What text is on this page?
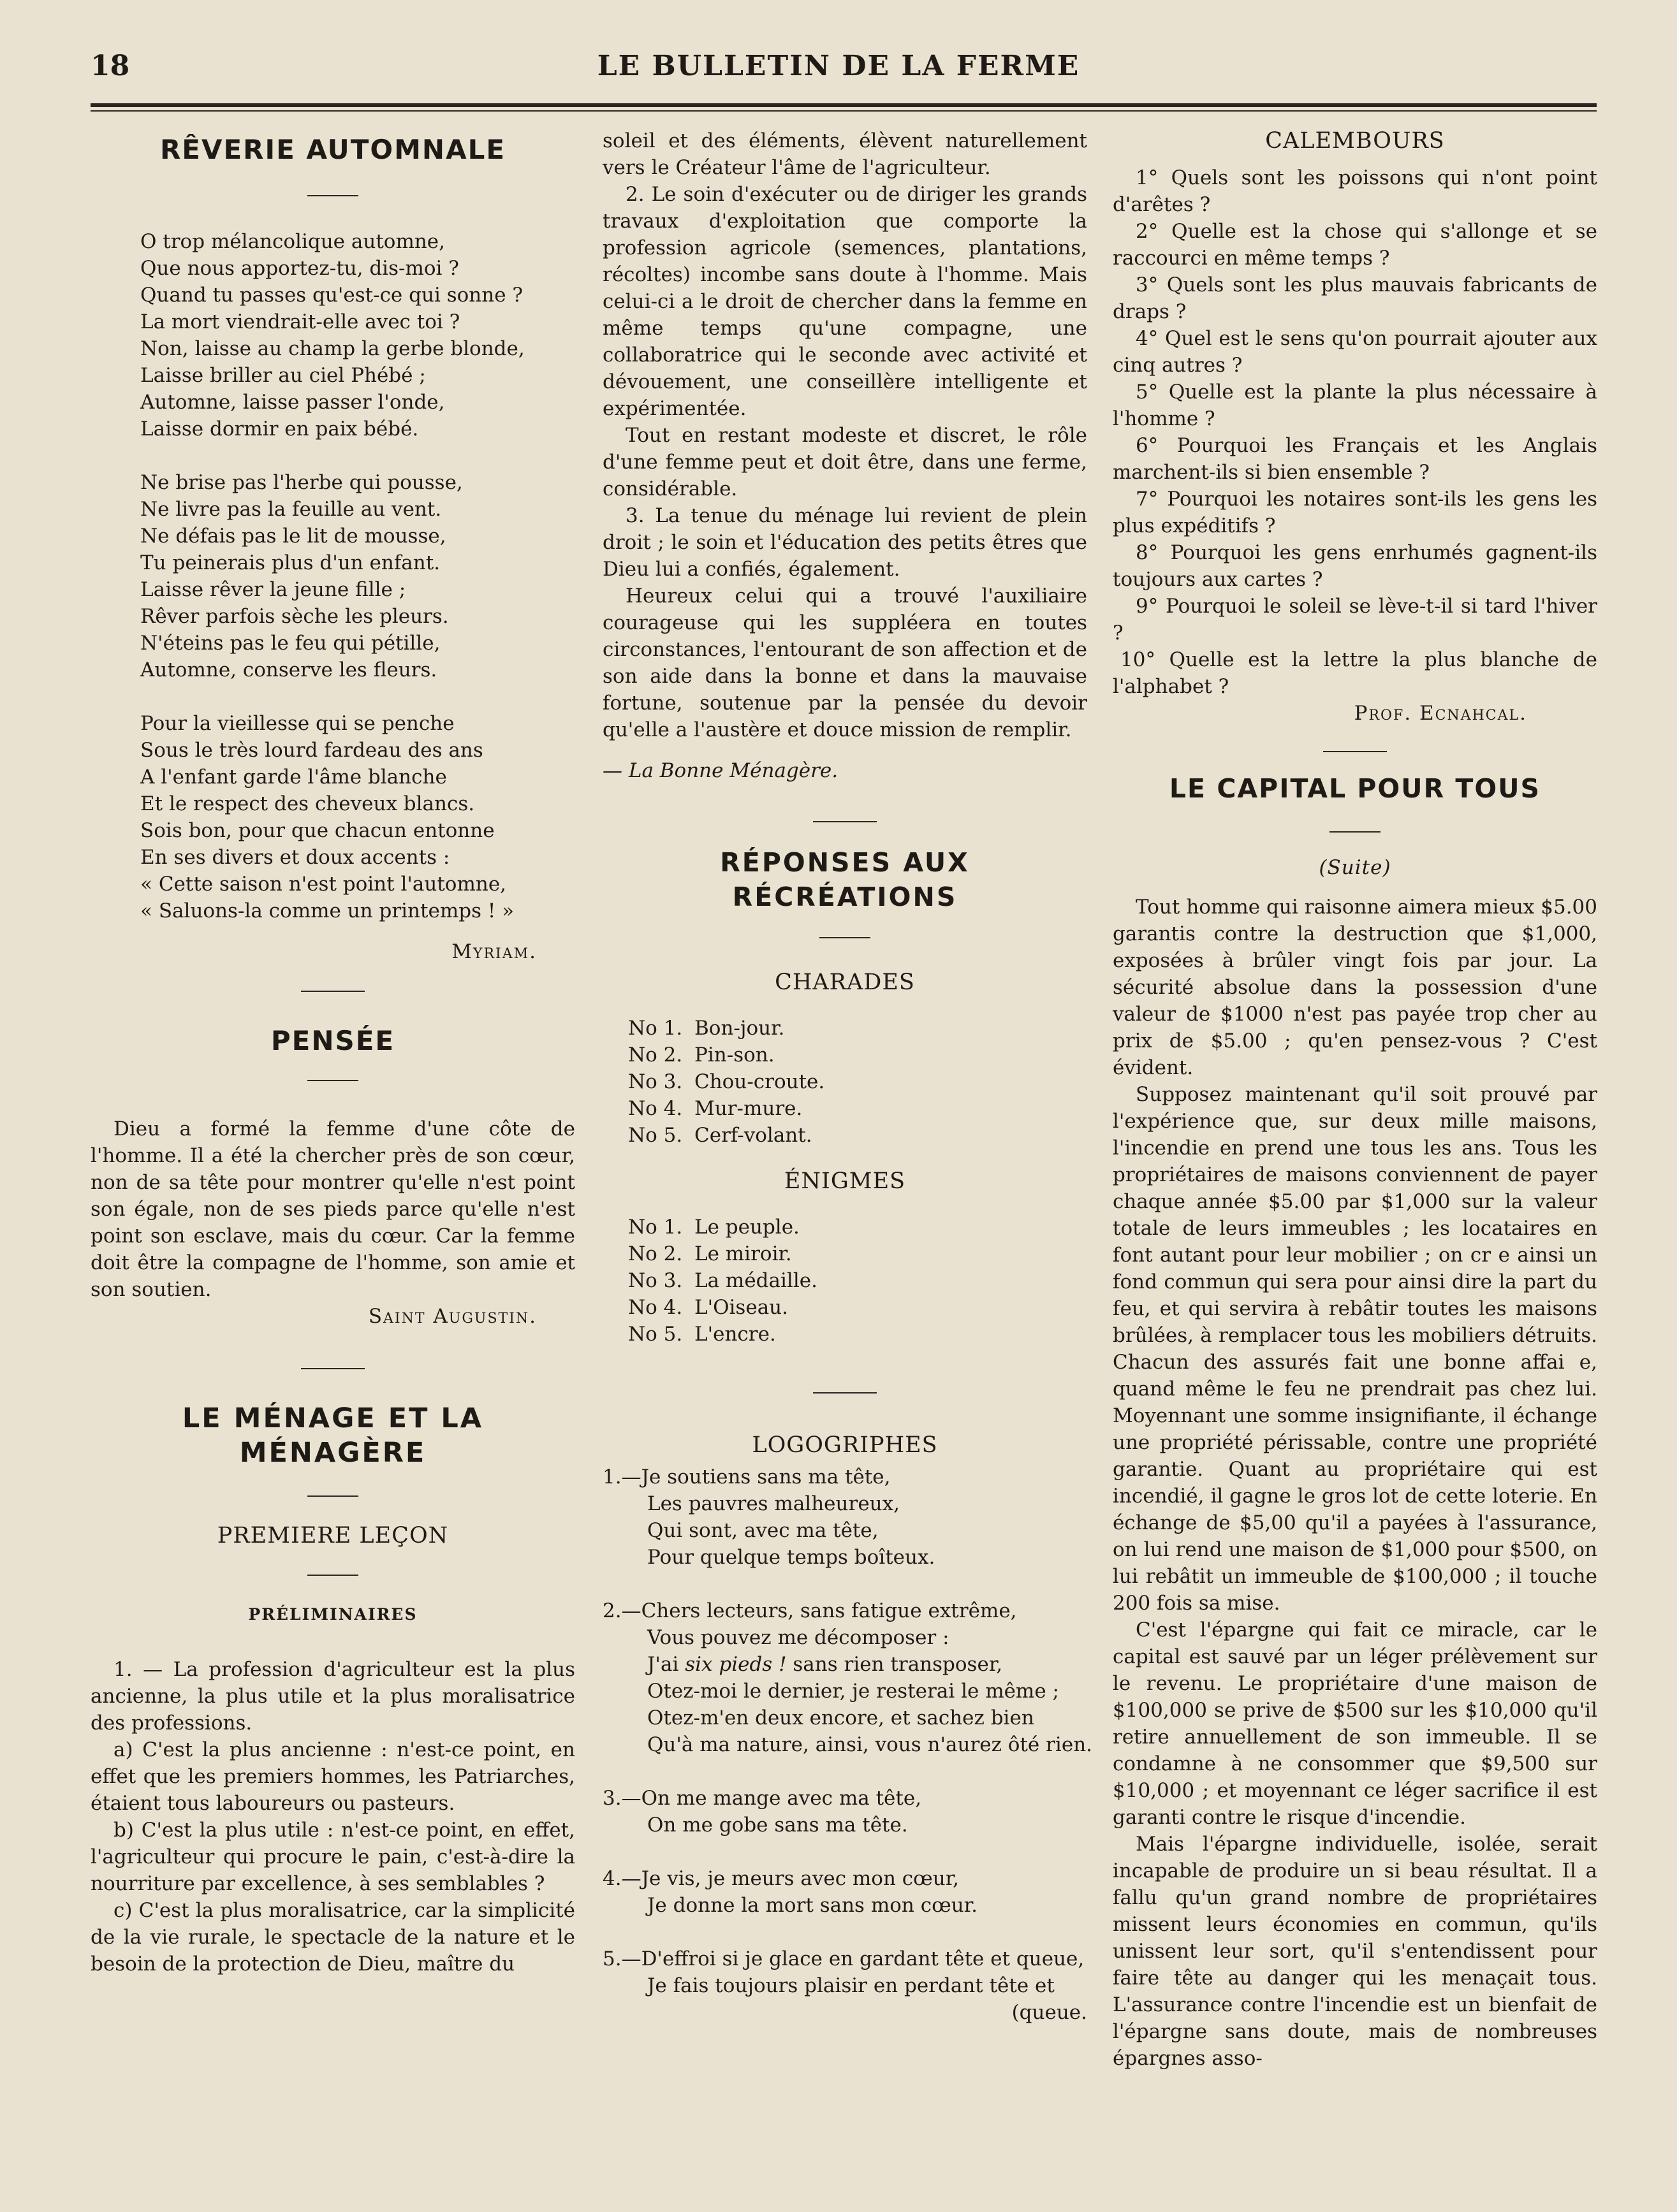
18	LE BULLETIN DE LA FERME
RÊVERIE AUTOMNALE
O trop mélancolique automne,
Que nous apportez-tu, dis-moi ?
Quand tu passes qu'est-ce qui sonne ?
La mort viendrait-elle avec toi ?
Non, laisse au champ la gerbe blonde,
Laisse briller au ciel Phébé ;
Automne, laisse passer l'onde,
Laisse dormir en paix bébé.
Ne brise pas l'herbe qui pousse,
Ne livre pas la feuille au vent.
Ne défais pas le lit de mousse,
Tu peinerais plus d'un enfant.
Laisse rêver la jeune fille ;
Rêver parfois sèche les pleurs.
N'éteins pas le feu qui pétille,
Automne, conserve les fleurs.
Pour la vieillesse qui se penche
Sous le très lourd fardeau des ans
A l'enfant garde l'âme blanche
Et le respect des cheveux blancs.
Sois bon, pour que chacun entonne
En ses divers et doux accents :
« Cette saison n'est point l'automne,
« Saluons-la comme un printemps ! »
Myriam.
PENSÉE

Dieu a formé la femme d'une côte de l'homme. Il a été la chercher près de son cœur, non de sa tête pour montrer qu'elle n'est point son égale, non de ses pieds parce qu'elle n'est point son esclave, mais du cœur. Car la femme doit être la compagne de l'homme, son amie et son soutien.

Saint Augustin.
LE MÉNAGE ET LA MÉNAGÈRE
PREMIERE LEÇON
PRÉLIMINAIRES

1. — La profession d'agriculteur est la plus ancienne, la plus utile et la plus moralisatrice des professions.

a) C'est la plus ancienne : n'est-ce point, en effet que les premiers hommes, les Patriarches, étaient tous laboureurs ou pasteurs.

b) C'est la plus utile : n'est-ce point, en effet, l'agriculteur qui procure le pain, c'est-à-dire la nourriture par excellence, à ses semblables ?

c) C'est la plus moralisatrice, car la simplicité de la vie rurale, le spectacle de la nature et le besoin de la protection de Dieu, maître du

soleil et des éléments, élèvent naturellement vers le Créateur l'âme de l'agriculteur.

2. Le soin d'exécuter ou de diriger les grands travaux d'exploitation que comporte la profession agricole (semences, plantations, récoltes) incombe sans doute à l'homme. Mais celui-ci a le droit de chercher dans la femme en même temps qu'une compagne, une collaboratrice qui le seconde avec activité et dévouement, une conseillère intelligente et expérimentée.

Tout en restant modeste et discret, le rôle d'une femme peut et doit être, dans une ferme, considérable.

3. La tenue du ménage lui revient de plein droit ; le soin et l'éducation des petits êtres que Dieu lui a confiés, également.

Heureux celui qui a trouvé l'auxiliaire courageuse qui les suppléera en toutes circonstances, l'entourant de son affection et de son aide dans la bonne et dans la mauvaise fortune, soutenue par la pensée du devoir qu'elle a l'austère et douce mission de remplir.

— La Bonne Ménagère.
RÉPONSES AUX RÉCRÉATIONS
CHARADES
No 1. Bon-jour.
No 2. Pin-son.
No 3. Chou-croute.
No 4. Mur-mure.
No 5. Cerf-volant.
ÉNIGMES
No 1. Le peuple.
No 2. Le miroir.
No 3. La médaille.
No 4. L'Oiseau.
No 5. L'encre.
LOGOGRIPHES
1.—Je soutiens sans ma tête,
Les pauvres malheureux,
Qui sont, avec ma tête,
Pour quelque temps boîteux.
2.—Chers lecteurs, sans fatigue extrême,
Vous pouvez me décomposer :
J'ai six pieds ! sans rien transposer,
Otez-moi le dernier, je resterai le même ;
Otez-m'en deux encore, et sachez bien
Qu'à ma nature, ainsi, vous n'aurez ôté rien.
3.—On me mange avec ma tête,
On me gobe sans ma tête.
4.—Je vis, je meurs avec mon cœur,
Je donne la mort sans mon cœur.
5.—D'effroi si je glace en gardant tête et queue,
Je fais toujours plaisir en perdant tête et
(queue.
CALEMBOURS

1° Quels sont les poissons qui n'ont point d'arêtes ?

2° Quelle est la chose qui s'allonge et se raccourci en même temps ?

3° Quels sont les plus mauvais fabricants de draps ?

4° Quel est le sens qu'on pourrait ajouter aux cinq autres ?

5° Quelle est la plante la plus nécessaire à l'homme ?

6° Pourquoi les Français et les Anglais marchent-ils si bien ensemble ?

7° Pourquoi les notaires sont-ils les gens les plus expéditifs ?

8° Pourquoi les gens enrhumés gagnent-ils toujours aux cartes ?

9° Pourquoi le soleil se lève-t-il si tard l'hiver ?

10° Quelle est la lettre la plus blanche de l'alphabet ?

Prof. Ecnahcal.
LE CAPITAL POUR TOUS
(Suite)

Tout homme qui raisonne aimera mieux $5.00 garantis contre la destruction que $1,000, exposées à brûler vingt fois par jour. La sécurité absolue dans la possession d'une valeur de $1000 n'est pas payée trop cher au prix de $5.00 ; qu'en pensez-vous ? C'est évident.

Supposez maintenant qu'il soit prouvé par l'expérience que, sur deux mille maisons, l'incendie en prend une tous les ans. Tous les propriétaires de maisons conviennent de payer chaque année $5.00 par $1,000 sur la valeur totale de leurs immeubles ; les locataires en font autant pour leur mobilier ; on cr e ainsi un fond commun qui sera pour ainsi dire la part du feu, et qui servira à rebâtir toutes les maisons brûlées, à remplacer tous les mobiliers détruits. Chacun des assurés fait une bonne affai e, quand même le feu ne prendrait pas chez lui. Moyennant une somme insignifiante, il échange une propriété périssable, contre une propriété garantie. Quant au propriétaire qui est incendié, il gagne le gros lot de cette loterie. En échange de $5,00 qu'il a payées à l'assurance, on lui rend une maison de $1,000 pour $500, on lui rebâtit un immeuble de $100,000 ; il touche 200 fois sa mise.

C'est l'épargne qui fait ce miracle, car le capital est sauvé par un léger prélèvement sur le revenu. Le propriétaire d'une maison de $100,000 se prive de $500 sur les $10,000 qu'il retire annuellement de son immeuble. Il se condamne à ne consommer que $9,500 sur $10,000 ; et moyennant ce léger sacrifice il est garanti contre le risque d'incendie.

Mais l'épargne individuelle, isolée, serait incapable de produire un si beau résultat. Il a fallu qu'un grand nombre de propriétaires missent leurs économies en commun, qu'ils unissent leur sort, qu'il s'entendissent pour faire tête au danger qui les menaçait tous. L'assurance contre l'incendie est un bienfait de l'épargne sans doute, mais de nombreuses épargnes asso-
